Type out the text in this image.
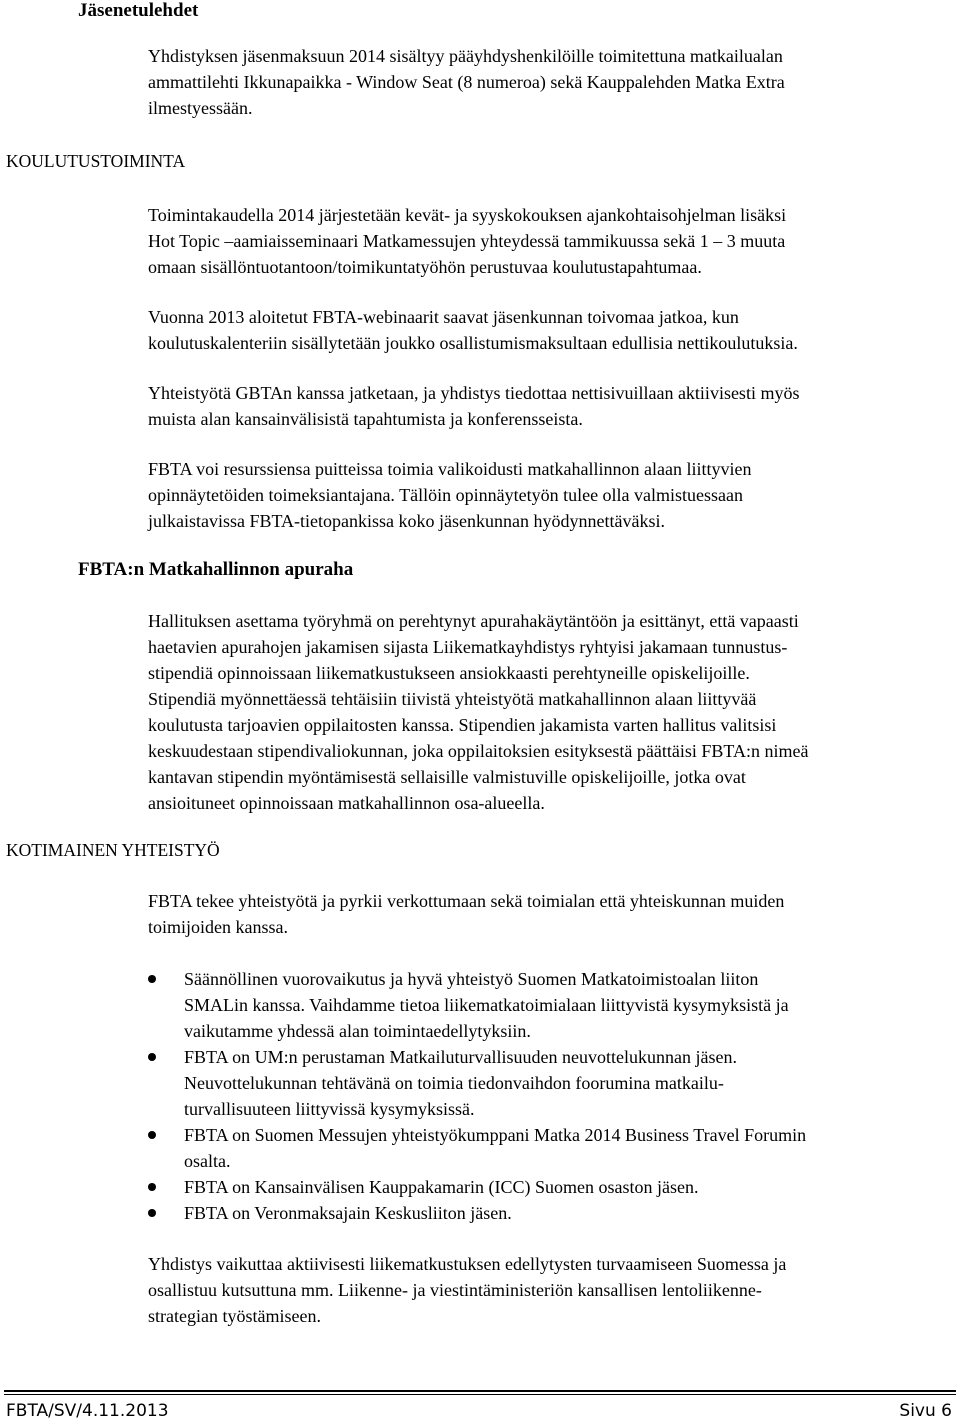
Jäsenetulehdet
KOULUTUSTOIMINTA
FBTA:n Matkahallinnon apuraha
KOTIMAINEN YHTEISTYÖ
Yhdistyksen jäsenmaksuun 2014 sisältyy pääyhdyshenkilöille toimitettuna matkailualan
ammattilehti Ikkunapaikka - Window Seat (8 numeroa) sekä Kauppalehden Matka Extra
ilmestyessään.
Toimintakaudella 2014 järjestetään kevät- ja syyskokouksen ajankohtaisohjelman lisäksi
Hot Topic –aamiaisseminaari Matkamessujen yhteydessä tammikuussa sekä 1 – 3 muuta
omaan sisällöntuotantoon/toimikuntatyöhön perustuvaa koulutustapahtumaa.
Vuonna 2013 aloitetut FBTA-webinaarit saavat jäsenkunnan toivomaa jatkoa, kun
koulutuskalenteriin sisällytetään joukko osallistumismaksultaan edullisia nettikoulutuksia.
Yhteistyötä GBTAn kanssa jatketaan, ja yhdistys tiedottaa nettisivuillaan aktiivisesti myös
muista alan kansainvälisistä tapahtumista ja konferensseista.
FBTA voi resurssiensa puitteissa toimia valikoidusti matkahallinnon alaan liittyvien
opinnäytetöiden toimeksiantajana. Tällöin opinnäytetyön tulee olla valmistuessaan
julkaistavissa FBTA-tietopankissa koko jäsenkunnan hyödynnettäväksi.
Hallituksen asettama työryhmä on perehtynyt apurahakäytäntöön ja esittänyt, että vapaasti
haetavien apurahojen jakamisen sijasta Liikematkayhdistys ryhtyisi jakamaan tunnustus-
stipendiä opinnoissaan liikematkustukseen ansiokkaasti perehtyneille opiskelijoille.
Stipendiä myönnettäessä tehtäisiin tiivistä yhteistyötä matkahallinnon alaan liittyvää
koulutusta tarjoavien oppilaitosten kanssa. Stipendien jakamista varten hallitus valitsisi
keskuudestaan stipendivaliokunnan, joka oppilaitoksien esityksestä päättäisi FBTA:n nimeä
kantavan stipendin myöntämisestä sellaisille valmistuville opiskelijoille, jotka ovat
ansioituneet opinnoissaan matkahallinnon osa-alueella.
FBTA tekee yhteistyötä ja pyrkii verkottumaan sekä toimialan että yhteiskunnan muiden
toimijoiden kanssa.
Säännöllinen vuorovaikutus ja hyvä yhteistyö Suomen Matkatoimistoalan liiton
SMALin kanssa. Vaihdamme tietoa liikematkatoimialaan liittyvistä kysymyksistä ja
vaikutamme yhdessä alan toimintaedellytyksiin.
FBTA on UM:n perustaman Matkailuturvallisuuden neuvottelukunnan jäsen.
Neuvottelukunnan tehtävänä on toimia tiedonvaihdon foorumina matkailu-
turvallisuuteen liittyvissä kysymyksissä.
FBTA on Suomen Messujen yhteistyökumppani Matka 2014 Business Travel Forumin
osalta.
FBTA on Kansainvälisen Kauppakamarin (ICC) Suomen osaston jäsen.
FBTA on Veronmaksajain Keskusliiton jäsen.
Yhdistys vaikuttaa aktiivisesti liikematkustuksen edellytysten turvaamiseen Suomessa ja
osallistuu kutsuttuna mm. Liikenne- ja viestintäministeriön kansallisen lentoliikenne-
strategian työstämiseen.
FBTA/SV/4.11.2013	Sivu 6
